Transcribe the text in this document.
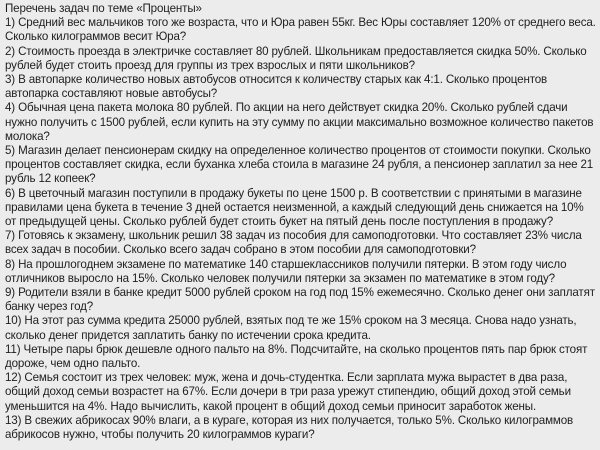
Перечень задач по теме «Проценты»

1) Средний вес мальчиков того же возраста, что и Юра равен 55кг. Вес Юры составляет 120% от среднего веса. Сколько килограммов весит Юра?

2) Стоимость проезда в электричке составляет 80 рублей. Школьникам предоставляется скидка 50%. Сколько рублей будет стоить проезд для группы из трех взрослых и пяти школьников?

3) В автопарке количество новых автобусов относится к количеству старых как 4:1. Сколько процентов автопарка составляют новые автобусы?

4) Обычная цена пакета молока 80 рублей. По акции на него действует скидка 20%. Сколько рублей сдачи нужно получить с 1500 рублей, если купить на эту сумму по акции максимально возможное количество пакетов молока?

5) Магазин делает пенсионерам скидку на определенное количество процентов от стоимости покупки. Сколько процентов составляет скидка, если буханка хлеба стоила в магазине 24 рубля, а пенсионер заплатил за нее 21 рубль 12 копеек?

6) В цветочный магазин поступили в продажу букеты по цене 1500 р. В соответствии с принятыми в магазине правилами цена букета в течение 3 дней остается неизменной, а каждый следующий день снижается на 10% от предыдущей цены. Сколько рублей будет стоить букет на пятый день после поступления в продажу?

7) Готовясь к экзамену, школьник решил 38 задач из пособия для самоподготовки. Что составляет 23% числа всех задач в пособии. Сколько всего задач собрано в этом пособии для самоподготовки?

8) На прошлогоднем экзамене по математике 140 старшеклассников получили пятерки. В этом году число отличников выросло на 15%. Сколько человек получили пятерки за экзамен по математике в этом году?

9) Родители взяли в банке кредит 5000 рублей сроком на год под 15% ежемесячно. Сколько денег они заплатят банку через год?

10) На этот раз сумма кредита 25000 рублей, взятых под те же 15% сроком на 3 месяца. Снова надо узнать, сколько денег придется заплатить банку по истечении срока кредита.

11) Четыре пары брюк дешевле одного пальто на 8%. Подсчитайте, на сколько процентов пять пар брюк стоят дороже, чем одно пальто.

12) Семья состоит из трех человек: муж, жена и дочь-студентка. Если зарплата мужа вырастет в два раза, общий доход семьи возрастет на 67%. Если дочери в три раза урежут стипендию, общий доход этой семьи уменьшится на 4%. Надо вычислить, какой процент в общий доход семьи приносит заработок жены.

13) В свежих абрикосах 90% влаги, а в кураге, которая из них получается, только 5%. Сколько килограммов абрикосов нужно, чтобы получить 20 килограммов кураги?
